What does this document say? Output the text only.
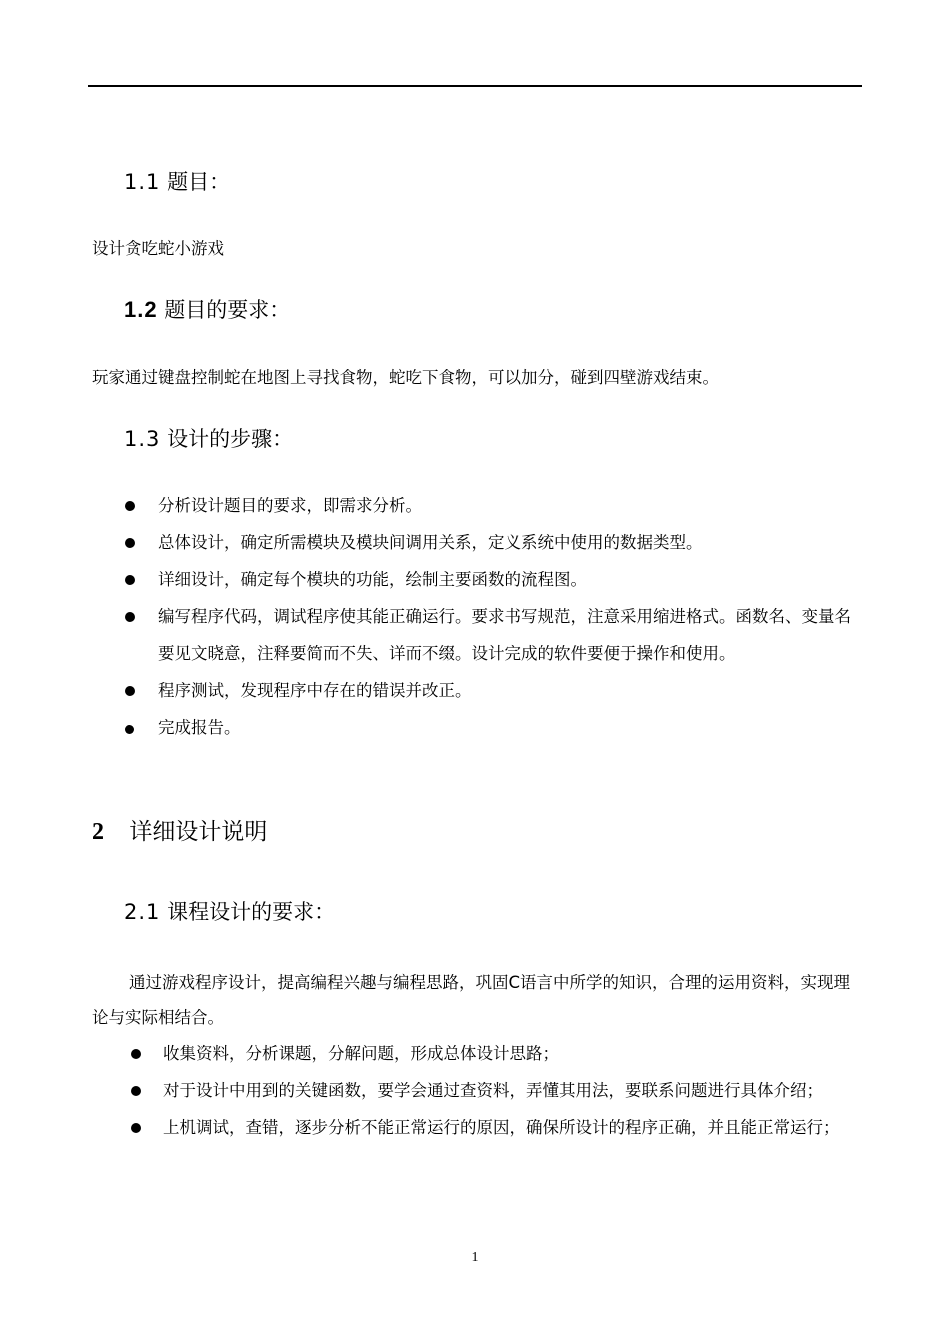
1.1 题目：
设计贪吃蛇小游戏
1.2 题目的要求：
玩家通过键盘控制蛇在地图上寻找食物，蛇吃下食物，可以加分，碰到四壁游戏结束。
1.3 设计的步骤：
分析设计题目的要求，即需求分析。
总体设计，确定所需模块及模块间调用关系，定义系统中使用的数据类型。
详细设计，确定每个模块的功能，绘制主要函数的流程图。
编写程序代码，调试程序使其能正确运行。要求书写规范，注意采用缩进格式。函数名、变量名要见文晓意，注释要简而不失、详而不缀。设计完成的软件要便于操作和使用。
程序测试，发现程序中存在的错误并改正。
完成报告。
2 详细设计说明
2.1 课程设计的要求：
通过游戏程序设计，提高编程兴趣与编程思路，巩固C语言中所学的知识，合理的运用资料，实现理论与实际相结合。
收集资料，分析课题，分解问题，形成总体设计思路；
对于设计中用到的关键函数，要学会通过查资料，弄懂其用法，要联系问题进行具体介绍；
上机调试，查错，逐步分析不能正常运行的原因，确保所设计的程序正确，并且能正常运行；
1
